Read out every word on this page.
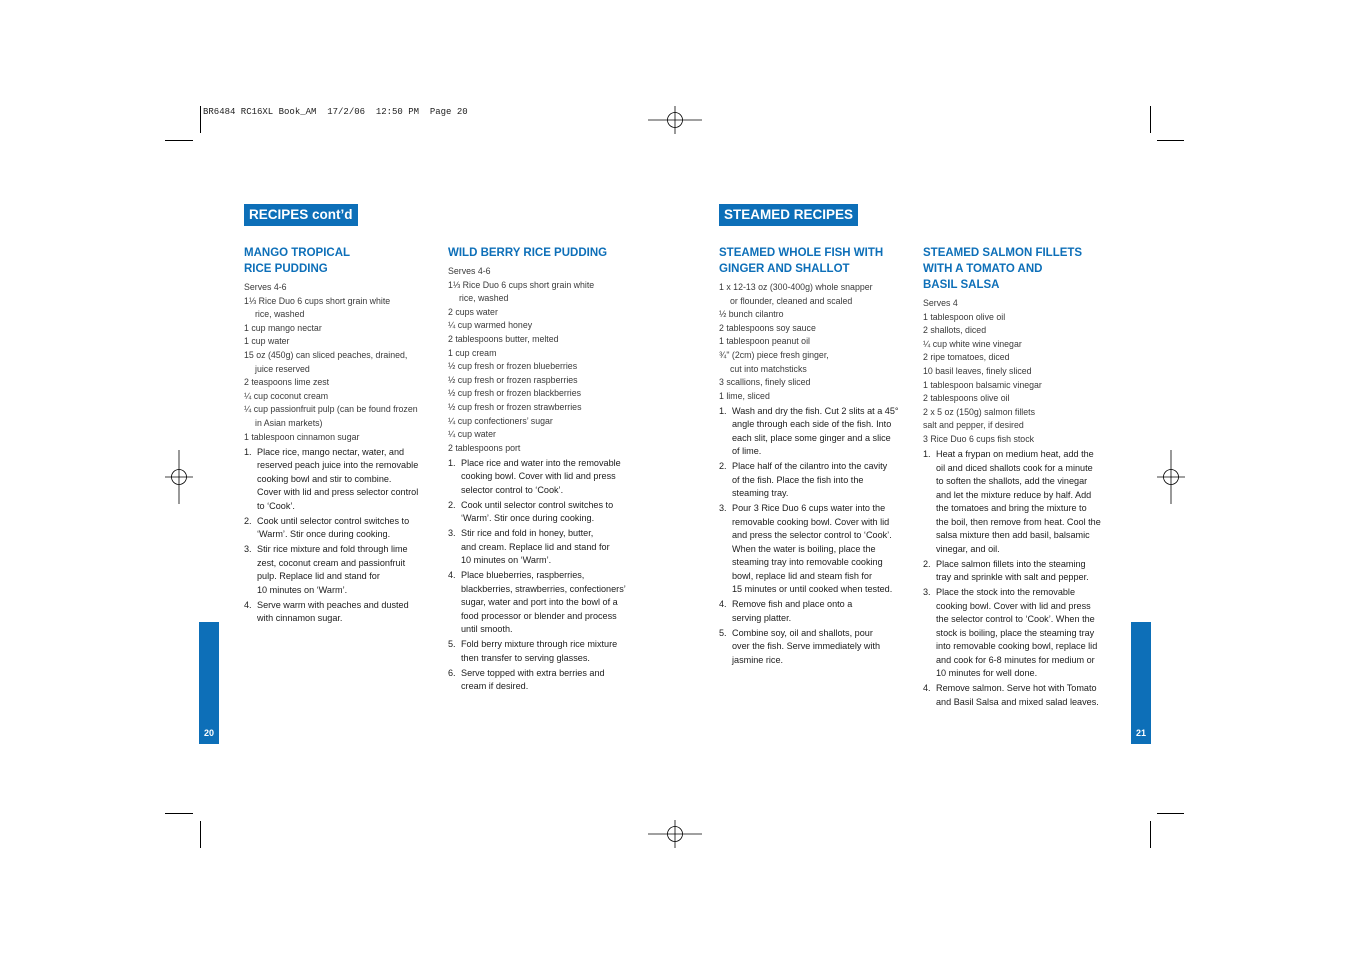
BR6484 RC16XL Book_AM  17/2/06  12:50 PM  Page 20
RECIPES cont’d
MANGO TROPICAL
RICE PUDDING
Serves 4-6
1⅓ Rice Duo 6 cups short grain white
rice, washed
1 cup mango nectar
1 cup water
15 oz (450g) can sliced peaches, drained,
juice reserved
2 teaspoons lime zest
¼ cup coconut cream
¼ cup passionfruit pulp (can be found frozen
in Asian markets)
1 tablespoon cinnamon sugar
1. Place rice, mango nectar, water, and
reserved peach juice into the removable
cooking bowl and stir to combine.
Cover with lid and press selector control
to ‘Cook’.
2. Cook until selector control switches to
‘Warm’. Stir once during cooking.
3. Stir rice mixture and fold through lime
zest, coconut cream and passionfruit
pulp. Replace lid and stand for
10 minutes on ‘Warm’.
4. Serve warm with peaches and dusted
with cinnamon sugar.
WILD BERRY RICE PUDDING
Serves 4-6
1⅓ Rice Duo 6 cups short grain white
rice, washed
2 cups water
¼ cup warmed honey
2 tablespoons butter, melted
1 cup cream
½ cup fresh or frozen blueberries
½ cup fresh or frozen raspberries
½ cup fresh or frozen blackberries
½ cup fresh or frozen strawberries
¼ cup confectioners’ sugar
¼ cup water
2 tablespoons port
1. Place rice and water into the removable
cooking bowl. Cover with lid and press
selector control to ‘Cook’.
2. Cook until selector control switches to
‘Warm’. Stir once during cooking.
3. Stir rice and fold in honey, butter,
and cream. Replace lid and stand for
10 minutes on ‘Warm’.
4. Place blueberries, raspberries,
blackberries, strawberries, confectioners’
sugar, water and port into the bowl of a
food processor or blender and process
until smooth.
5. Fold berry mixture through rice mixture
then transfer to serving glasses.
6. Serve topped with extra berries and
cream if desired.
20
STEAMED RECIPES
STEAMED WHOLE FISH WITH
GINGER AND SHALLOT
1 x 12-13 oz (300-400g) whole snapper
or flounder, cleaned and scaled
½ bunch cilantro
2 tablespoons soy sauce
1 tablespoon peanut oil
¾" (2cm) piece fresh ginger,
cut into matchsticks
3 scallions, finely sliced
1 lime, sliced
1. Wash and dry the fish. Cut 2 slits at a 45°
angle through each side of the fish. Into
each slit, place some ginger and a slice
of lime.
2. Place half of the cilantro into the cavity
of the fish. Place the fish into the
steaming tray.
3. Pour 3 Rice Duo 6 cups water into the
removable cooking bowl. Cover with lid
and press the selector control to ‘Cook’.
When the water is boiling, place the
steaming tray into removable cooking
bowl, replace lid and steam fish for
15 minutes or until cooked when tested.
4. Remove fish and place onto a
serving platter.
5. Combine soy, oil and shallots, pour
over the fish. Serve immediately with
jasmine rice.
STEAMED SALMON FILLETS
WITH A TOMATO AND
BASIL SALSA
Serves 4
1 tablespoon olive oil
2 shallots, diced
¼ cup white wine vinegar
2 ripe tomatoes, diced
10 basil leaves, finely sliced
1 tablespoon balsamic vinegar
2 tablespoons olive oil
2 x 5 oz (150g) salmon fillets
salt and pepper, if desired
3 Rice Duo 6 cups fish stock
1. Heat a frypan on medium heat, add the
oil and diced shallots cook for a minute
to soften the shallots, add the vinegar
and let the mixture reduce by half. Add
the tomatoes and bring the mixture to
the boil, then remove from heat. Cool the
salsa mixture then add basil, balsamic
vinegar, and oil.
2. Place salmon fillets into the steaming
tray and sprinkle with salt and pepper.
3. Place the stock into the removable
cooking bowl. Cover with lid and press
the selector control to ‘Cook’. When the
stock is boiling, place the steaming tray
into removable cooking bowl, replace lid
and cook for 6-8 minutes for medium or
10 minutes for well done.
4. Remove salmon. Serve hot with Tomato
and Basil Salsa and mixed salad leaves.
21
